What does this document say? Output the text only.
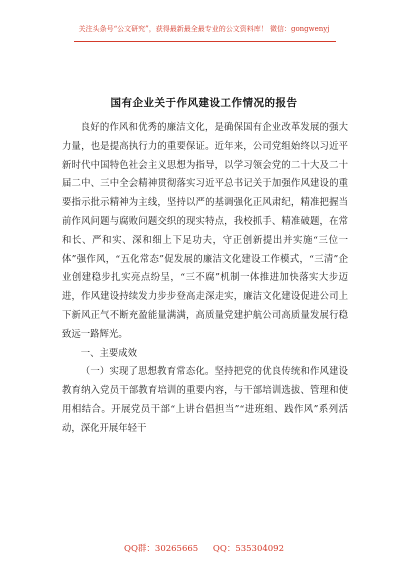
关注头条号“公文研究”，获得最新最全最专业的公文资料库！ 微信：gongwenyj
国有企业关于作风建设工作情况的报告

良好的作风和优秀的廉洁文化，是确保国有企业改革发展的强大力量，也是提高执行力的重要保证。近年来，公司党组始终以习近平新时代中国特色社会主义思想为指导，以学习领会党的二十大及二十届二中、三中全会精神贯彻落实习近平总书记关于加强作风建设的重要指示批示精神为主线，坚持以严的基调强化正风肃纪，精准把握当前作风问题与腐败问题交织的现实特点，我校抓手、精准破题，在常和长、严和实、深和细上下足功夫，守正创新提出并实施“三位一体”强作风，“五化常态”促发展的廉洁文化建设工作模式，“三清”企业创建稳步扎实亮点纷呈，“三不腐”机制一体推进加快落实大步迈进，作风建设持续发力步步登高走深走实，廉洁文化建设促进公司上下新风正气不断充盈能量满满，高质量党建护航公司高质量发展行稳致远一路辉光。

一、主要成效

（一）实现了思想教育常态化。坚持把党的优良传统和作风建设教育纳入党员干部教育培训的重要内容，与干部培训选拔、管理和使用相结合。开展党员干部“上讲台倡担当”“进班组、践作风”系列活动，深化开展年轻干

QQ群：30265665 QQ：535304092
